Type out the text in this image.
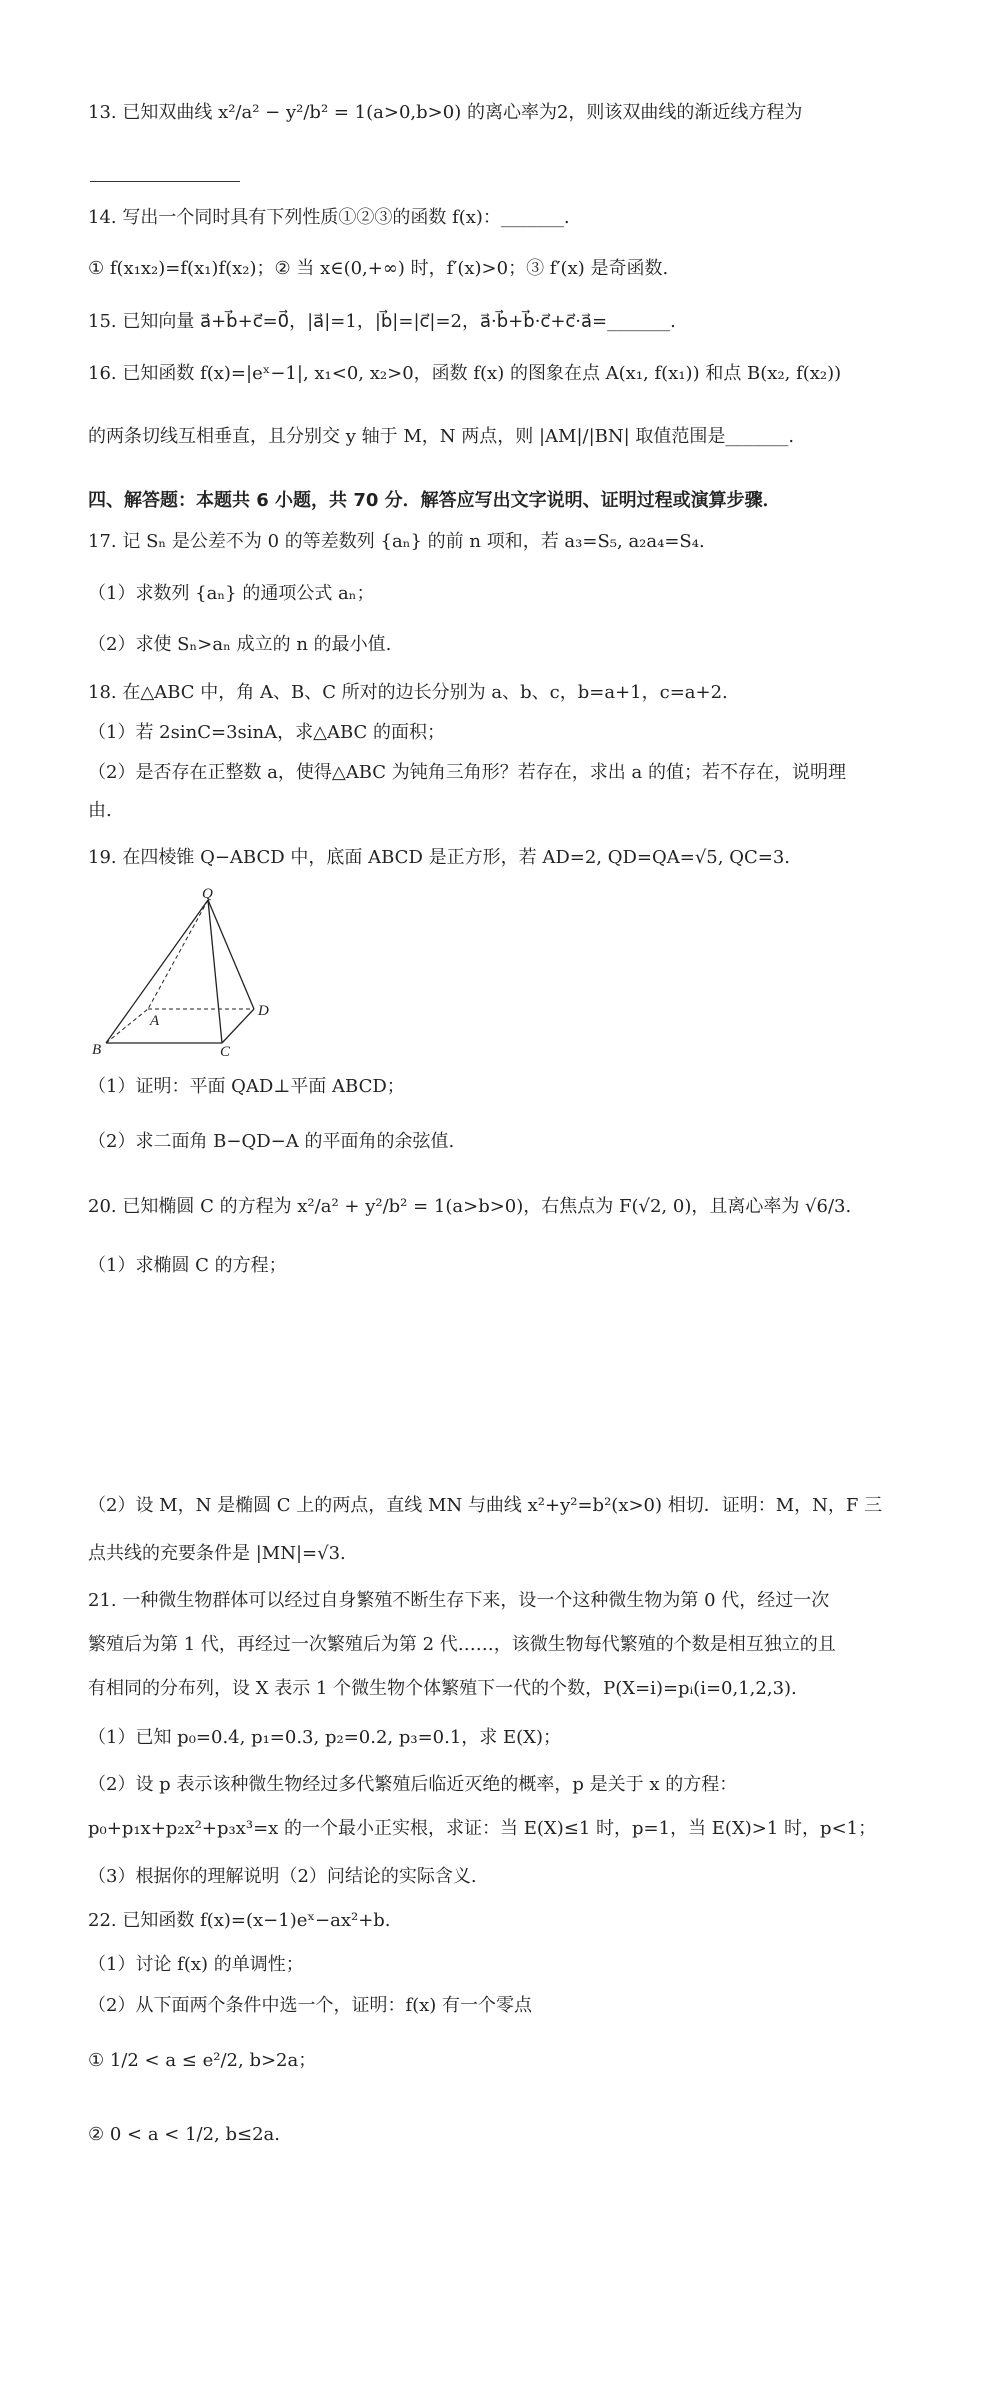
13. 已知双曲线 x²/a² − y²/b² = 1(a>0,b>0) 的离心率为2，则该双曲线的渐近线方程为
14. 写出一个同时具有下列性质①②③的函数 f(x)：_______.
① f(x₁x₂)=f(x₁)f(x₂)；② 当 x∈(0,+∞) 时，f′(x)>0；③ f′(x) 是奇函数.
15. 已知向量 a⃗+b⃗+c⃗=0⃗，|a⃗|=1，|b⃗|=|c⃗|=2，a⃗·b⃗+b⃗·c⃗+c⃗·a⃗=_______.
16. 已知函数 f(x)=|eˣ−1|, x₁<0, x₂>0，函数 f(x) 的图象在点 A(x₁, f(x₁)) 和点 B(x₂, f(x₂))
的两条切线互相垂直，且分别交 y 轴于 M，N 两点，则 |AM|/|BN| 取值范围是_______.
四、解答题：本题共 6 小题，共 70 分．解答应写出文字说明、证明过程或演算步骤．
17. 记 Sₙ 是公差不为 0 的等差数列 {aₙ} 的前 n 项和，若 a₃=S₅, a₂a₄=S₄.
（1）求数列 {aₙ} 的通项公式 aₙ；
（2）求使 Sₙ>aₙ 成立的 n 的最小值.
18. 在△ABC 中，角 A、B、C 所对的边长分别为 a、b、c，b=a+1，c=a+2.
（1）若 2sinC=3sinA，求△ABC 的面积；
（2）是否存在正整数 a，使得△ABC 为钝角三角形？若存在，求出 a 的值；若不存在，说明理
由.
19. 在四棱锥 Q−ABCD 中，底面 ABCD 是正方形，若 AD=2, QD=QA=√5, QC=3.
Q
A
D
B	C
（1）证明：平面 QAD⊥平面 ABCD；
（2）求二面角 B−QD−A 的平面角的余弦值.
20. 已知椭圆 C 的方程为 x²/a² + y²/b² = 1(a>b>0)，右焦点为 F(√2, 0)，且离心率为 √6/3.
（1）求椭圆 C 的方程；
（2）设 M，N 是椭圆 C 上的两点，直线 MN 与曲线 x²+y²=b²(x>0) 相切．证明：M，N，F 三
点共线的充要条件是 |MN|=√3.
21. 一种微生物群体可以经过自身繁殖不断生存下来，设一个这种微生物为第 0 代，经过一次
繁殖后为第 1 代，再经过一次繁殖后为第 2 代……，该微生物每代繁殖的个数是相互独立的且
有相同的分布列，设 X 表示 1 个微生物个体繁殖下一代的个数，P(X=i)=pᵢ(i=0,1,2,3).
（1）已知 p₀=0.4, p₁=0.3, p₂=0.2, p₃=0.1，求 E(X)；
（2）设 p 表示该种微生物经过多代繁殖后临近灭绝的概率，p 是关于 x 的方程：
p₀+p₁x+p₂x²+p₃x³=x 的一个最小正实根，求证：当 E(X)≤1 时，p=1，当 E(X)>1 时，p<1；
（3）根据你的理解说明（2）问结论的实际含义.
22. 已知函数 f(x)=(x−1)eˣ−ax²+b.
（1）讨论 f(x) 的单调性；
（2）从下面两个条件中选一个，证明：f(x) 有一个零点
① 1/2 < a ≤ e²/2, b>2a；
② 0 < a < 1/2, b≤2a.
